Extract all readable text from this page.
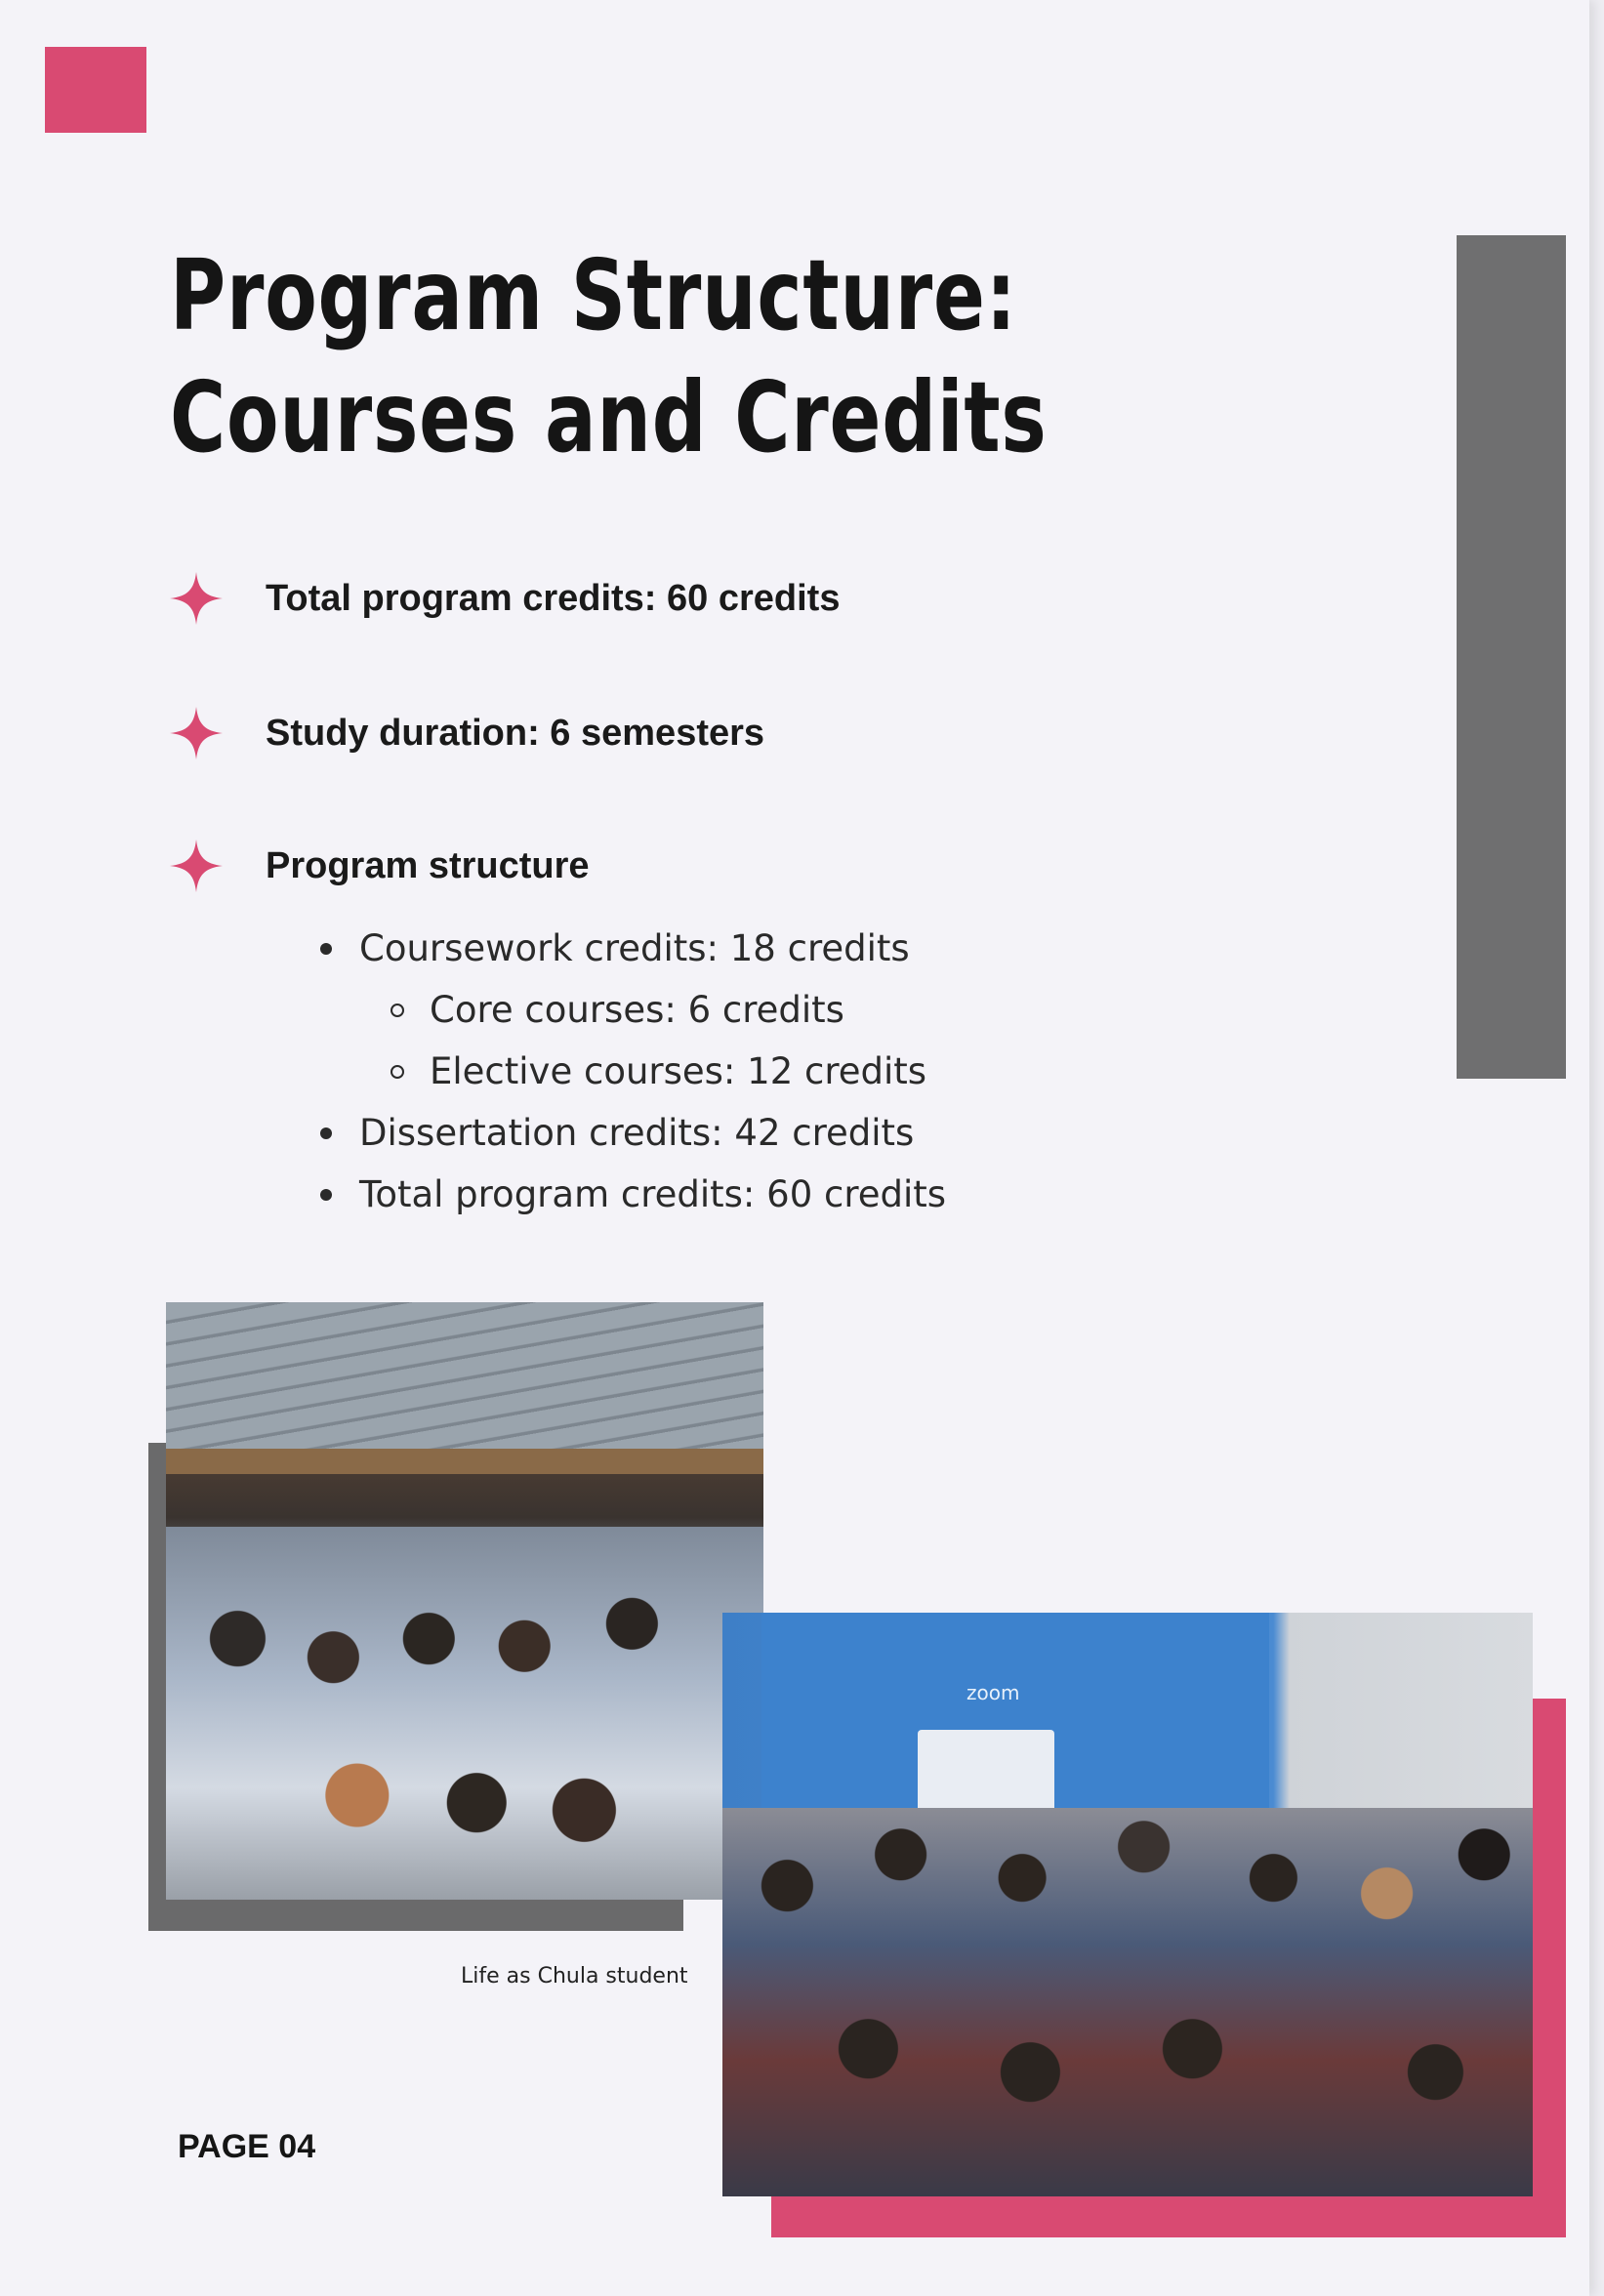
Program Structure:
Courses and Credits
Total program credits: 60 credits
Study duration: 6 semesters
Program structure
Coursework credits: 18 credits
Core courses: 6 credits
Elective courses: 12 credits
Dissertation credits: 42 credits
Total program credits: 60 credits
zoom
Life as Chula student
PAGE 04
